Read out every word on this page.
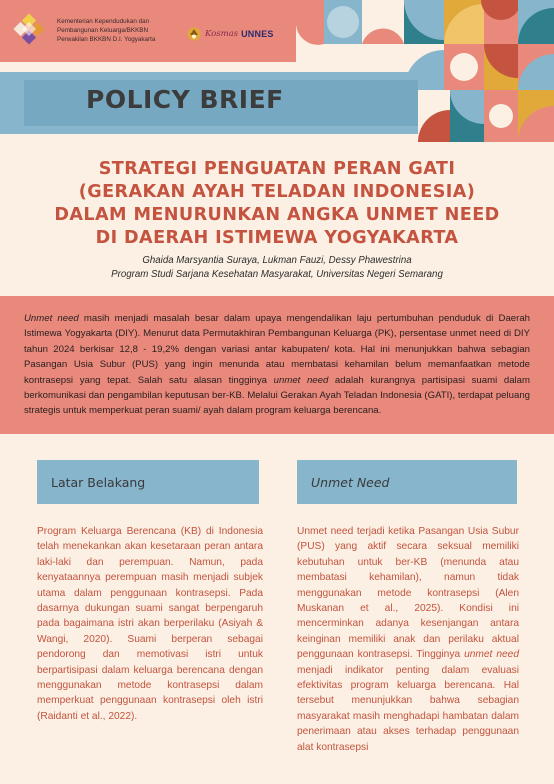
Kementerian Kependudukan dan
Pembangunan Keluarga/BKKBN
Perwakilan BKKBN D.I. Yogyakarta
Kosmas UNNES
POLICY BRIEF
STRATEGI PENGUATAN PERAN GATI
(GERAKAN AYAH TELADAN INDONESIA)
DALAM MENURUNKAN ANGKA UNMET NEED
DI DAERAH ISTIMEWA YOGYAKARTA
Ghaida Marsyantia Suraya, Lukman Fauzi, Dessy Phawestrina
Program Studi Sarjana Kesehatan Masyarakat, Universitas Negeri Semarang

Unmet need masih menjadi masalah besar dalam upaya mengendalikan laju pertumbuhan penduduk di Daerah Istimewa Yogyakarta (DIY). Menurut data Permutakhiran Pembangunan Keluarga (PK), persentase unmet need di DIY tahun 2024 berkisar 12,8 - 19,2% dengan variasi antar kabupaten/ kota. Hal ini menunjukkan bahwa sebagian Pasangan Usia Subur (PUS) yang ingin menunda atau membatasi kehamilan belum memanfaatkan metode kontrasepsi yang tepat. Salah satu alasan tingginya unmet need adalah kurangnya partisipasi suami dalam berkomunikasi dan pengambilan keputusan ber-KB. Melalui Gerakan Ayah Teladan Indonesia (GATI), terdapat peluang strategis untuk memperkuat peran suami/ ayah dalam program keluarga berencana.

Latar Belakang	Unmet Need
Program Keluarga Berencana (KB) di Indonesia telah menekankan akan kesetaraan peran antara laki-laki dan perempuan. Namun, pada kenyataannya perempuan masih menjadi subjek utama dalam penggunaan kontrasepsi. Pada dasarnya dukungan suami sangat berpengaruh pada bagaimana istri akan berperilaku (Asiyah & Wangi, 2020). Suami berperan sebagai pendorong dan memotivasi istri untuk berpartisipasi dalam keluarga berencana dengan menggunakan metode kontrasepsi dalam memperkuat penggunaan kontrasepsi oleh istri (Raidanti et al., 2022).
Unmet need terjadi ketika Pasangan Usia Subur (PUS) yang aktif secara seksual memiliki kebutuhan untuk ber-KB (menunda atau membatasi kehamilan), namun tidak menggunakan metode kontrasepsi (Alen Muskanan et al., 2025). Kondisi ini mencerminkan adanya kesenjangan antara keinginan memiliki anak dan perilaku aktual penggunaan kontrasepsi. Tingginya unmet need menjadi indikator penting dalam evaluasi efektivitas program keluarga berencana. Hal tersebut menunjukkan bahwa sebagian masyarakat masih menghadapi hambatan dalam penerimaan atau akses terhadap penggunaan alat kontrasepsi
